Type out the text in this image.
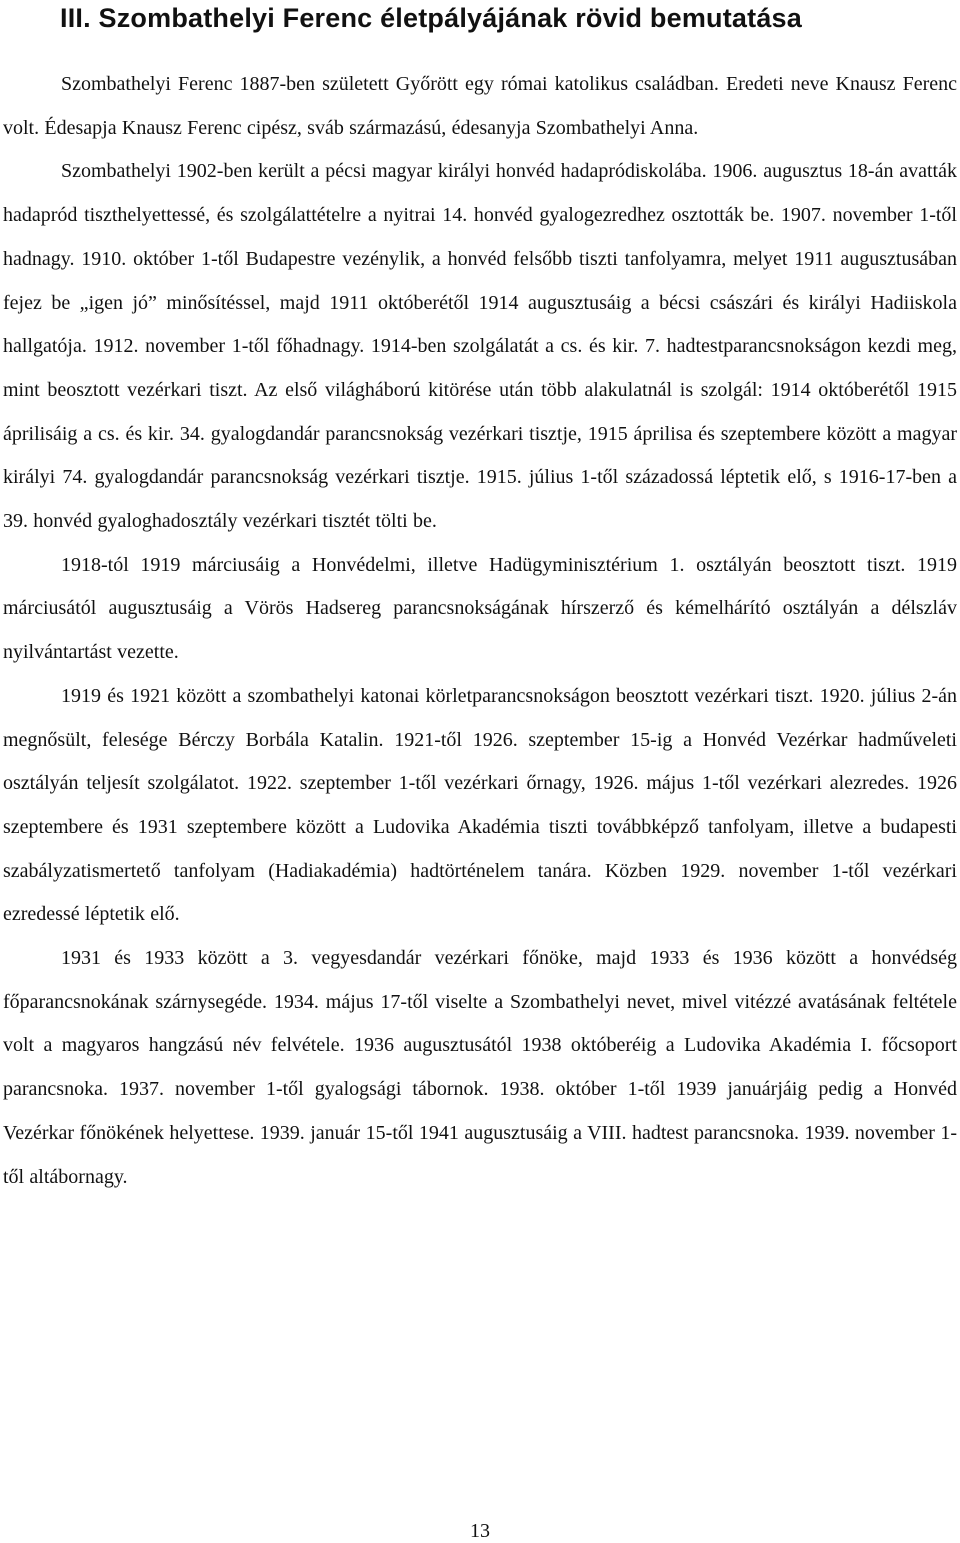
III. Szombathelyi Ferenc életpályájának rövid bemutatása

Szombathelyi Ferenc 1887-ben született Győrött egy római katolikus családban. Eredeti neve Knausz Ferenc volt. Édesapja Knausz Ferenc cipész, sváb származású, édesanyja Szombathelyi Anna.

Szombathelyi 1902-ben került a pécsi magyar királyi honvéd hadapródiskolába. 1906. augusztus 18-án avatták hadapród tiszthelyettessé, és szolgálattételre a nyitrai 14. honvéd gyalogezredhez osztották be. 1907. november 1-től hadnagy. 1910. október 1-től Budapestre vezénylik, a honvéd felsőbb tiszti tanfolyamra, melyet 1911 augusztusában fejez be „igen jó” minősítéssel, majd 1911 októberétől 1914 augusztusáig a bécsi császári és királyi Hadiiskola hallgatója. 1912. november 1-től főhadnagy. 1914-ben szolgálatát a cs. és kir. 7. hadtestparancsnokságon kezdi meg, mint beosztott vezérkari tiszt. Az első világháború kitörése után több alakulatnál is szolgál: 1914 októberétől 1915 áprilisáig a cs. és kir. 34. gyalogdandár parancsnokság vezérkari tisztje, 1915 áprilisa és szeptembere között a magyar királyi 74. gyalogdandár parancsnokság vezérkari tisztje. 1915. július 1-től századossá léptetik elő, s 1916-17-ben a 39. honvéd gyaloghadosztály vezérkari tisztét tölti be.

1918-tól 1919 márciusáig a Honvédelmi, illetve Hadügyminisztérium 1. osztályán beosztott tiszt. 1919 márciusától augusztusáig a Vörös Hadsereg parancsnokságának hírszerző és kémelhárító osztályán a délszláv nyilvántartást vezette.

1919 és 1921 között a szombathelyi katonai körletparancsnokságon beosztott vezérkari tiszt. 1920. július 2-án megnősült, felesége Bérczy Borbála Katalin. 1921-től 1926. szeptember 15-ig a Honvéd Vezérkar hadműveleti osztályán teljesít szolgálatot. 1922. szeptember 1-től vezérkari őrnagy, 1926. május 1-től vezérkari alezredes. 1926 szeptembere és 1931 szeptembere között a Ludovika Akadémia tiszti továbbképző tanfolyam, illetve a budapesti szabályzatismertető tanfolyam (Hadiakadémia) hadtörténelem tanára. Közben 1929. november 1-től vezérkari ezredessé léptetik elő.

1931 és 1933 között a 3. vegyesdandár vezérkari főnöke, majd 1933 és 1936 között a honvédség főparancsnokának szárnysegéde. 1934. május 17-től viselte a Szombathelyi nevet, mivel vitézzé avatásának feltétele volt a magyaros hangzású név felvétele. 1936 augusztusától 1938 októberéig a Ludovika Akadémia I. főcsoport parancsnoka. 1937. november 1-től gyalogsági tábornok. 1938. október 1-től 1939 januárjáig pedig a Honvéd Vezérkar főnökének helyettese. 1939. január 15-től 1941 augusztusáig a VIII. hadtest parancsnoka. 1939. november 1-től altábornagy.

13
